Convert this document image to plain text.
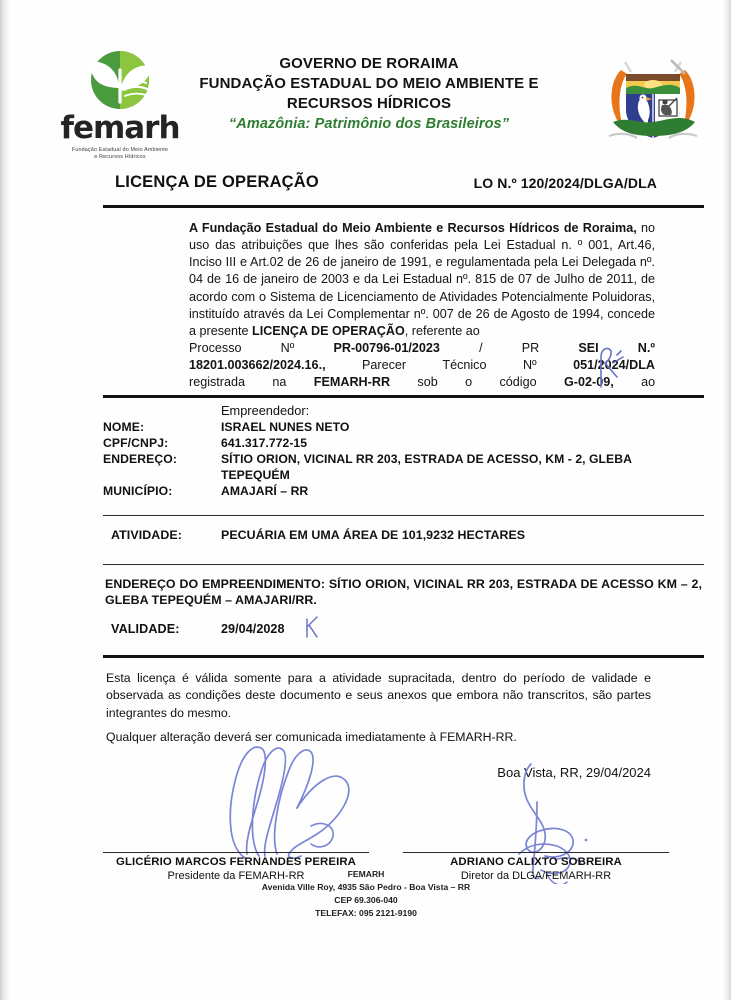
femarh
Fundação Estadual do Meio Ambiente
e Recursos Hídricos
GOVERNO DE RORAIMA
FUNDAÇÃO ESTADUAL DO MEIO AMBIENTE E
RECURSOS HÍDRICOS
“Amazônia: Patrimônio dos Brasileiros”
LICENÇA DE OPERAÇÃO	LO N.º 120/2024/DLGA/DLA
A Fundação Estadual do Meio Ambiente e Recursos Hídricos de Roraima, no uso das atribuições que lhes são conferidas pela Lei Estadual n. º 001, Art.46, Inciso III e Art.02 de 26 de janeiro de 1991, e regulamentada pela Lei Delegada nº. 04 de 16 de janeiro de 2003 e da Lei Estadual nº. 815 de 07 de Julho de 2011, de acordo com o Sistema de Licenciamento de Atividades Potencialmente Poluidoras, instituído através da Lei Complementar nº. 007 de 26 de Agosto de 1994, concede a presente LICENÇA DE OPERAÇÃO, referente ao
Processo	Nº	PR-00796-01/2023	/	PR	SEI	N.º
18201.003662/2024.16.,	Parecer	Técnico	Nº	051/2024/DLA
registrada na FEMARH-RR sob o código G-02-09, ao
Empreendedor:
NOME:	ISRAEL NUNES NETO
CPF/CNPJ:	641.317.772-15
ENDEREÇO:	SÍTIO ORION, VICINAL RR 203, ESTRADA DE ACESSO, KM - 2, GLEBA
TEPEQUÉM
MUNICÍPIO:	AMAJARÍ – RR
ATIVIDADE:	PECUÁRIA EM UMA ÁREA DE 101,9232 HECTARES
ENDEREÇO DO EMPREENDIMENTO: SÍTIO ORION, VICINAL RR 203, ESTRADA DE ACESSO KM – 2, GLEBA TEPEQUÉM – AMAJARI/RR.
VALIDADE:	29/04/2028

Esta licença é válida somente para a atividade supracitada, dentro do período de validade e observada as condições deste documento e seus anexos que embora não transcritos, são partes integrantes do mesmo.

Qualquer alteração deverá ser comunicada imediatamente à FEMARH-RR.

Boa Vista, RR, 29/04/2024
GLICÉRIO MARCOS FERNANDES PEREIRA
Presidente da FEMARH-RR
ADRIANO CALIXTO SOBREIRA
Diretor da DLGA/FEMARH-RR
FEMARH
Avenida Ville Roy, 4935 São Pedro - Boa Vista – RR
CEP 69.306-040
TELEFAX: 095 2121-9190
